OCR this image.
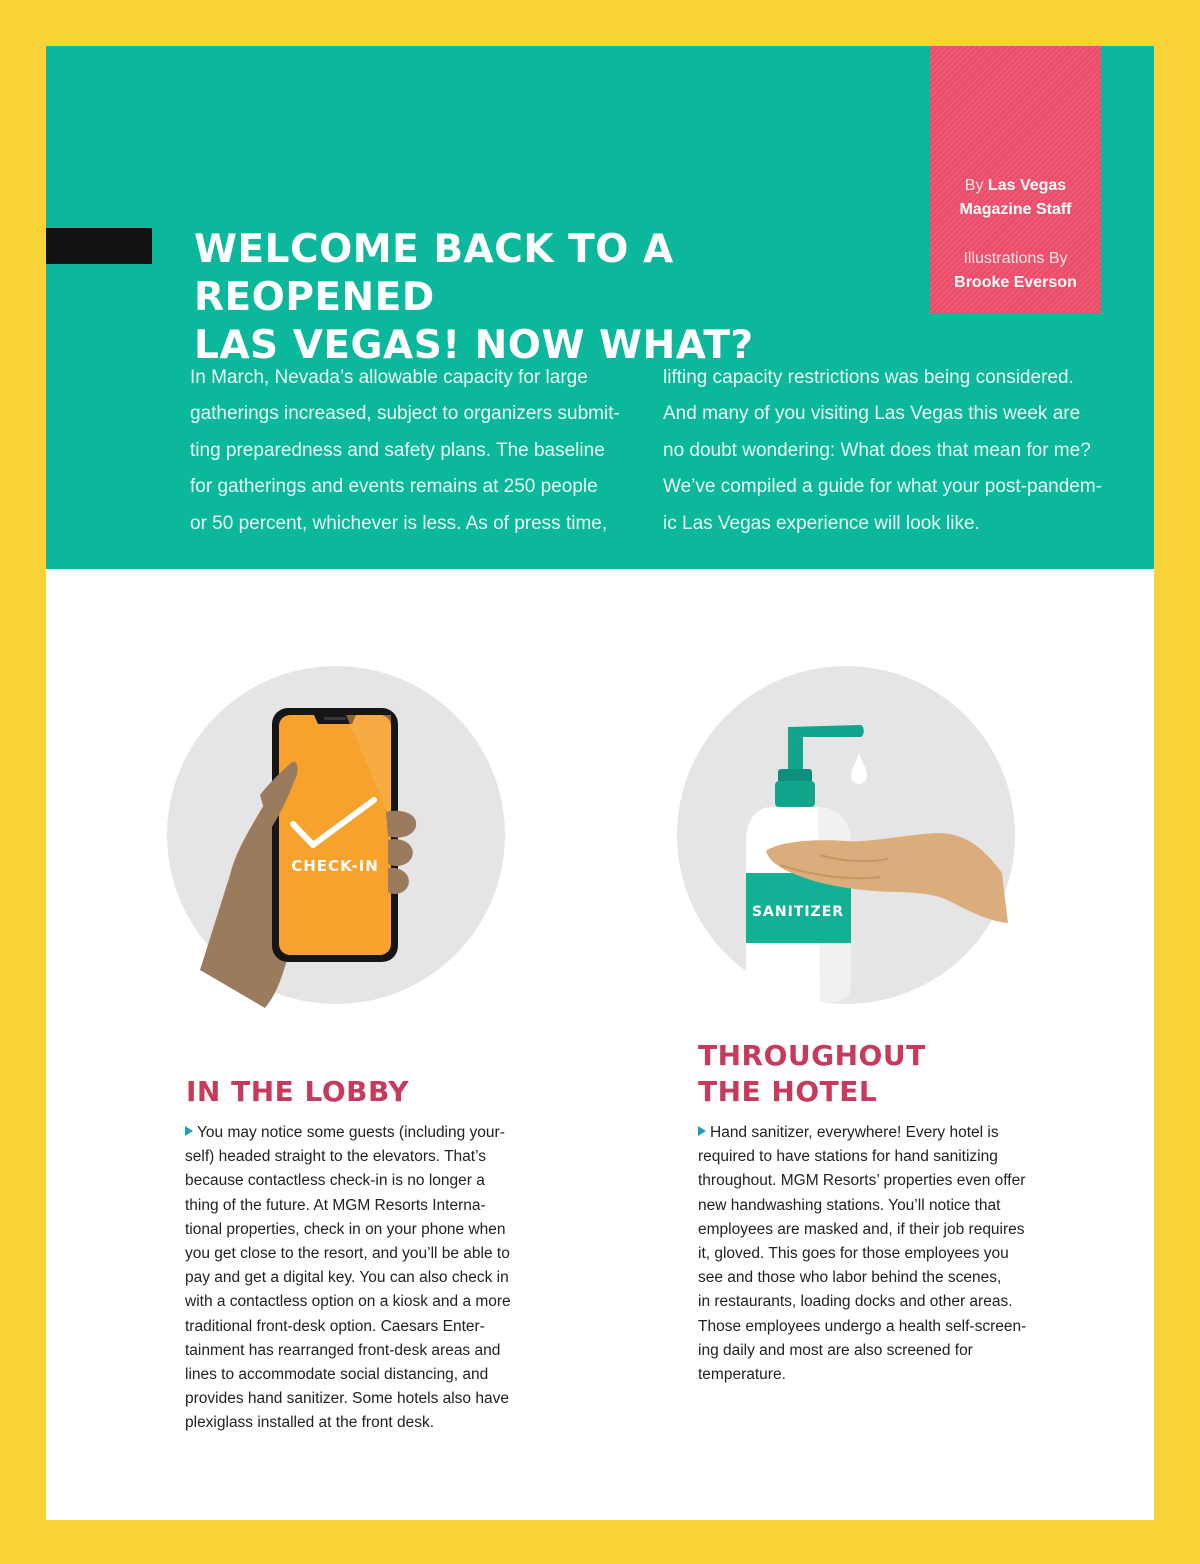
WELCOME BACK TO A REOPENED
LAS VEGAS! NOW WHAT?
By Las Vegas
Magazine Staff
Illustrations By
Brooke Everson
In March, Nevada’s allowable capacity for large
gatherings increased, subject to organizers submit-
ting preparedness and safety plans. The baseline
for gatherings and events remains at 250 people
or 50 percent, whichever is less. As of press time,
lifting capacity restrictions was being considered.
And many of you visiting Las Vegas this week are
no doubt wondering: What does that mean for me?
We’ve compiled a guide for what your post-pandem-
ic Las Vegas experience will look like.
CHECK-IN
SANITIZER
IN THE LOBBY
You may notice some guests (including your-
self) headed straight to the elevators. That’s
because contactless check-in is no longer a
thing of the future. At MGM Resorts Interna-
tional properties, check in on your phone when
you get close to the resort, and you’ll be able to
pay and get a digital key. You can also check in
with a contactless option on a kiosk and a more
traditional front-desk option. Caesars Enter-
tainment has rearranged front-desk areas and
lines to accommodate social distancing, and
provides hand sanitizer. Some hotels also have
plexiglass installed at the front desk.
THROUGHOUT
THE HOTEL
Hand sanitizer, everywhere! Every hotel is
required to have stations for hand sanitizing
throughout. MGM Resorts’ properties even offer
new handwashing stations. You’ll notice that
employees are masked and, if their job requires
it, gloved. This goes for those employees you
see and those who labor behind the scenes,
in restaurants, loading docks and other areas.
Those employees undergo a health self-screen-
ing daily and most are also screened for
temperature.
